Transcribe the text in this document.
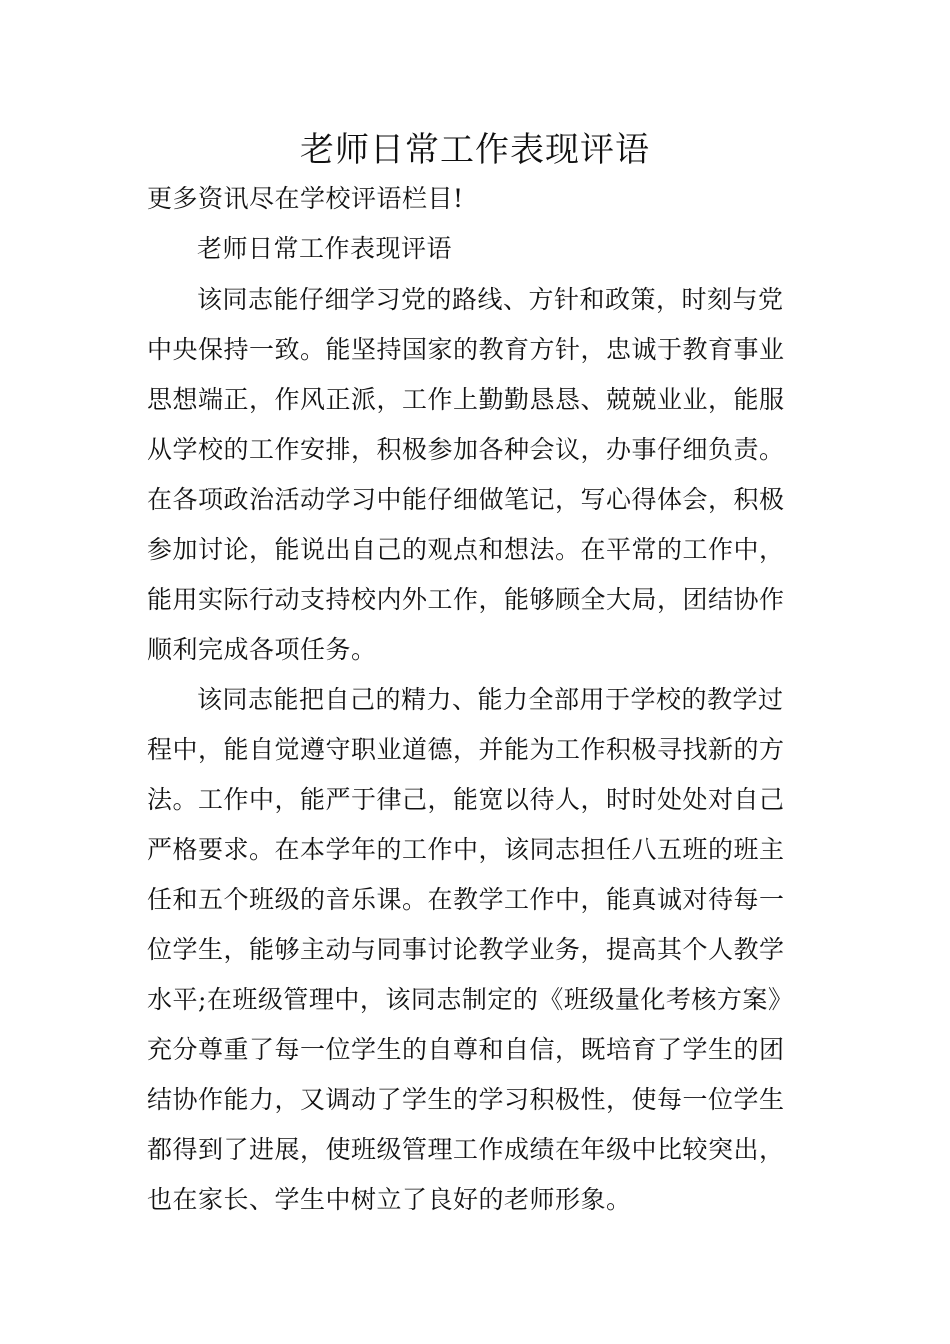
老师日常工作表现评语
更多资讯尽在学校评语栏目!
老师日常工作表现评语
该同志能仔细学习党的路线、方针和政策，时刻与党
中央保持一致。能坚持国家的教育方针，忠诚于教育事业
思想端正，作风正派，工作上勤勤恳恳、兢兢业业，能服
从学校的工作安排，积极参加各种会议，办事仔细负责。
在各项政治活动学习中能仔细做笔记，写心得体会，积极
参加讨论，能说出自己的观点和想法。在平常的工作中，
能用实际行动支持校内外工作，能够顾全大局，团结协作
顺利完成各项任务。
该同志能把自己的精力、能力全部用于学校的教学过
程中，能自觉遵守职业道德，并能为工作积极寻找新的方
法。工作中，能严于律己，能宽以待人，时时处处对自己
严格要求。在本学年的工作中，该同志担任八五班的班主
任和五个班级的音乐课。在教学工作中，能真诚对待每一
位学生，能够主动与同事讨论教学业务，提高其个人教学
水平;在班级管理中，该同志制定的《班级量化考核方案》
充分尊重了每一位学生的自尊和自信，既培育了学生的团
结协作能力，又调动了学生的学习积极性，使每一位学生
都得到了进展，使班级管理工作成绩在年级中比较突出，
也在家长、学生中树立了良好的老师形象。
